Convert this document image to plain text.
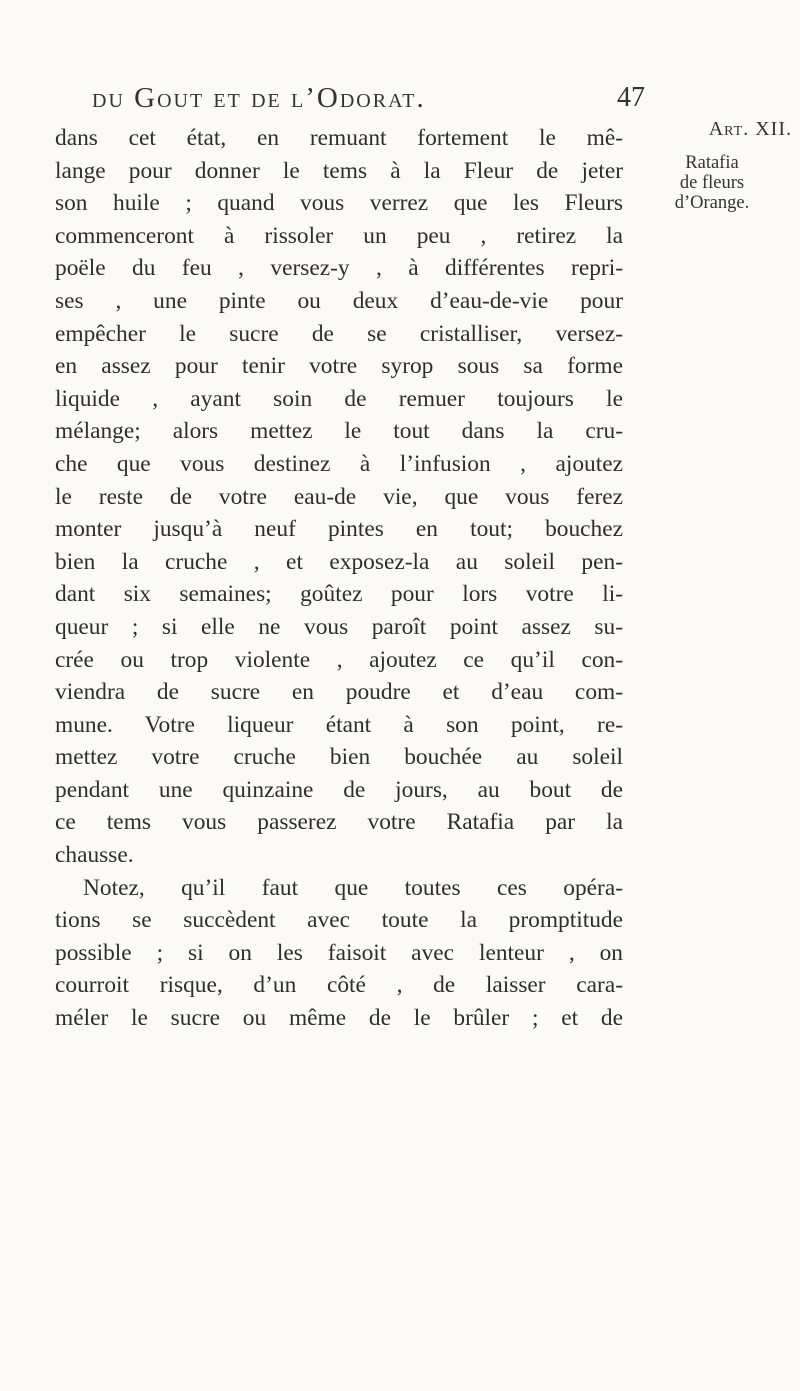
du Gout et de l’Odorat.	47
Art. XII.
Ratafia
de fleurs
d’Orange.
dans cet état, en remuant fortement le mê-
lange pour donner le tems à la Fleur de jeter
son huile ; quand vous verrez que les Fleurs
commenceront à rissoler un peu , retirez la
poële du feu , versez-y , à différentes repri-
ses , une pinte ou deux d’eau-de-vie pour
empêcher le sucre de se cristalliser, versez-
en assez pour tenir votre syrop sous sa forme
liquide , ayant soin de remuer toujours le
mélange; alors mettez le tout dans la cru-
che que vous destinez à l’infusion , ajoutez
le reste de votre eau-de vie, que vous ferez
monter jusqu’à neuf pintes en tout; bouchez
bien la cruche , et exposez-la au soleil pen-
dant six semaines; goûtez pour lors votre li-
queur ; si elle ne vous paroît point assez su-
crée ou trop violente , ajoutez ce qu’il con-
viendra de sucre en poudre et d’eau com-
mune. Votre liqueur étant à son point, re-
mettez votre cruche bien bouchée au soleil
pendant une quinzaine de jours, au bout de
ce tems vous passerez votre Ratafia par la
chausse.
Notez, qu’il faut que toutes ces opéra-
tions se succèdent avec toute la promptitude
possible ; si on les faisoit avec lenteur , on
courroit risque, d’un côté , de laisser cara-
méler le sucre ou même de le brûler ; et de
